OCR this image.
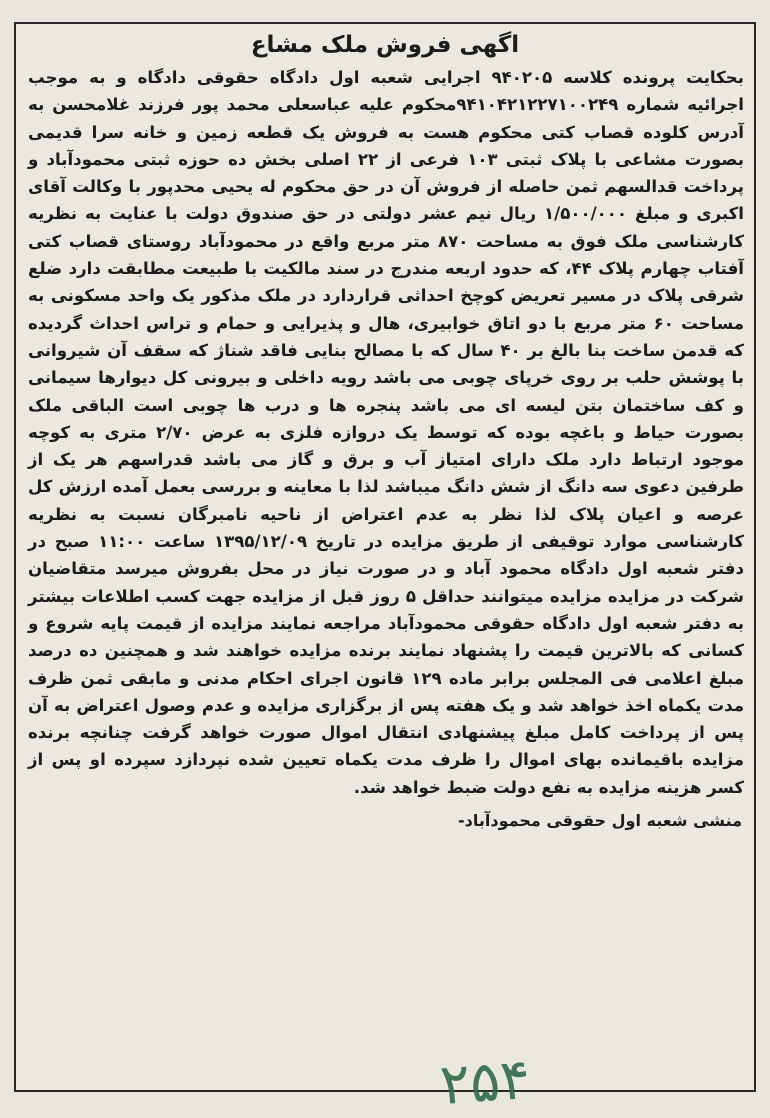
اگهی فروش ملک مشاع

بحکایت پرونده کلاسه ۹۴۰۲۰۵ اجرایی شعبه اول دادگاه حقوقی دادگاه و به موجب اجرائیه شماره ۹۴۱۰۴۲۱۲۲۷۱۰۰۲۴۹محکوم علیه عباسعلی محمد پور فرزند غلامحسن به آدرس کلوده قصاب کتی محکوم هست به فروش یک قطعه زمین و خانه سرا قدیمی بصورت مشاعی با پلاک ثبتی ۱۰۳ فرعی از ۲۲ اصلی بخش ده حوزه ثبتی محمودآباد و پرداخت قدالسهم ثمن حاصله از فروش آن در حق محکوم له یحیی محدپور با وکالت آقای اکبری و مبلغ ۱/۵۰۰/۰۰۰ ریال نیم عشر دولتی در حق صندوق دولت با عنایت به نظریه کارشناسی ملک فوق به مساحت ۸۷۰ متر مربع واقع در محمودآباد روستای قصاب کتی آفتاب چهارم پلاک ۴۴، که حدود اربعه مندرج در سند مالکیت با طبیعت مطابقت دارد ضلع شرقی پلاک در مسیر تعریض کوچخ احداثی قراردارد در ملک مذکور یک واحد مسکونی به مساحت ۶۰ متر مربع با دو اتاق خوابیری، هال و پذیرایی و حمام و تراس احداث گردیده که قدمن ساخت بنا بالغ بر ۴۰ سال که با مصالح بنایی فاقد شناژ که سقف آن شیروانی با پوشش حلب بر روی خرپای چوبی می باشد رویه داخلی و بیرونی کل دیوارها سیمانی و کف ساختمان بتن لیسه ای می باشد پنجره ها و درب ها چوبی است الباقی ملک بصورت حیاط و باغچه بوده که توسط یک دروازه فلزی به عرض ۲/۷۰ متری به کوچه موجود ارتباط دارد ملک دارای امتیاز آب و برق و گاز می باشد قدراسهم هر یک از طرفین دعوی سه دانگ از شش دانگ میباشد لذا با معاینه و بررسی بعمل آمده ارزش کل عرصه و اعیان پلاک لذا نظر به عدم اعتراض از ناحیه نامبرگان نسبت به نظریه کارشناسی موارد توقیفی از طریق مزایده در تاریخ ۱۳۹۵/۱۲/۰۹ ساعت ۱۱:۰۰ صبح در دفتر شعبه اول دادگاه محمود آباد و در صورت نیاز در محل بفروش میرسد متقاضیان شرکت در مزایده مزایده میتوانند حداقل ۵ روز قبل از مزایده جهت کسب اطلاعات بیشتر به دفتر شعبه اول دادگاه حقوقی محمودآباد مراجعه نمایند مزایده از قیمت پایه شروع و کسانی که بالاترین قیمت را پشنهاد نمایند برنده مزایده خواهند شد و همچنین ده درصد مبلغ اعلامی فی المجلس برابر ماده ۱۲۹ قانون اجرای احکام مدنی و مابقی ثمن ظرف مدت یکماه اخذ خواهد شد و یک هفته پس از برگزاری مزایده و عدم وصول اعتراض به آن پس از پرداخت کامل مبلغ پیشنهادی انتقال اموال صورت خواهد گرفت چنانچه برنده مزایده باقیمانده بهای اموال را ظرف مدت یکماه تعیین شده نپردازد سپرده او پس از کسر هزینه مزایده به نفع دولت ضبط خواهد شد.

منشی شعبه اول حقوقی محمودآباد-
۲۵۴
